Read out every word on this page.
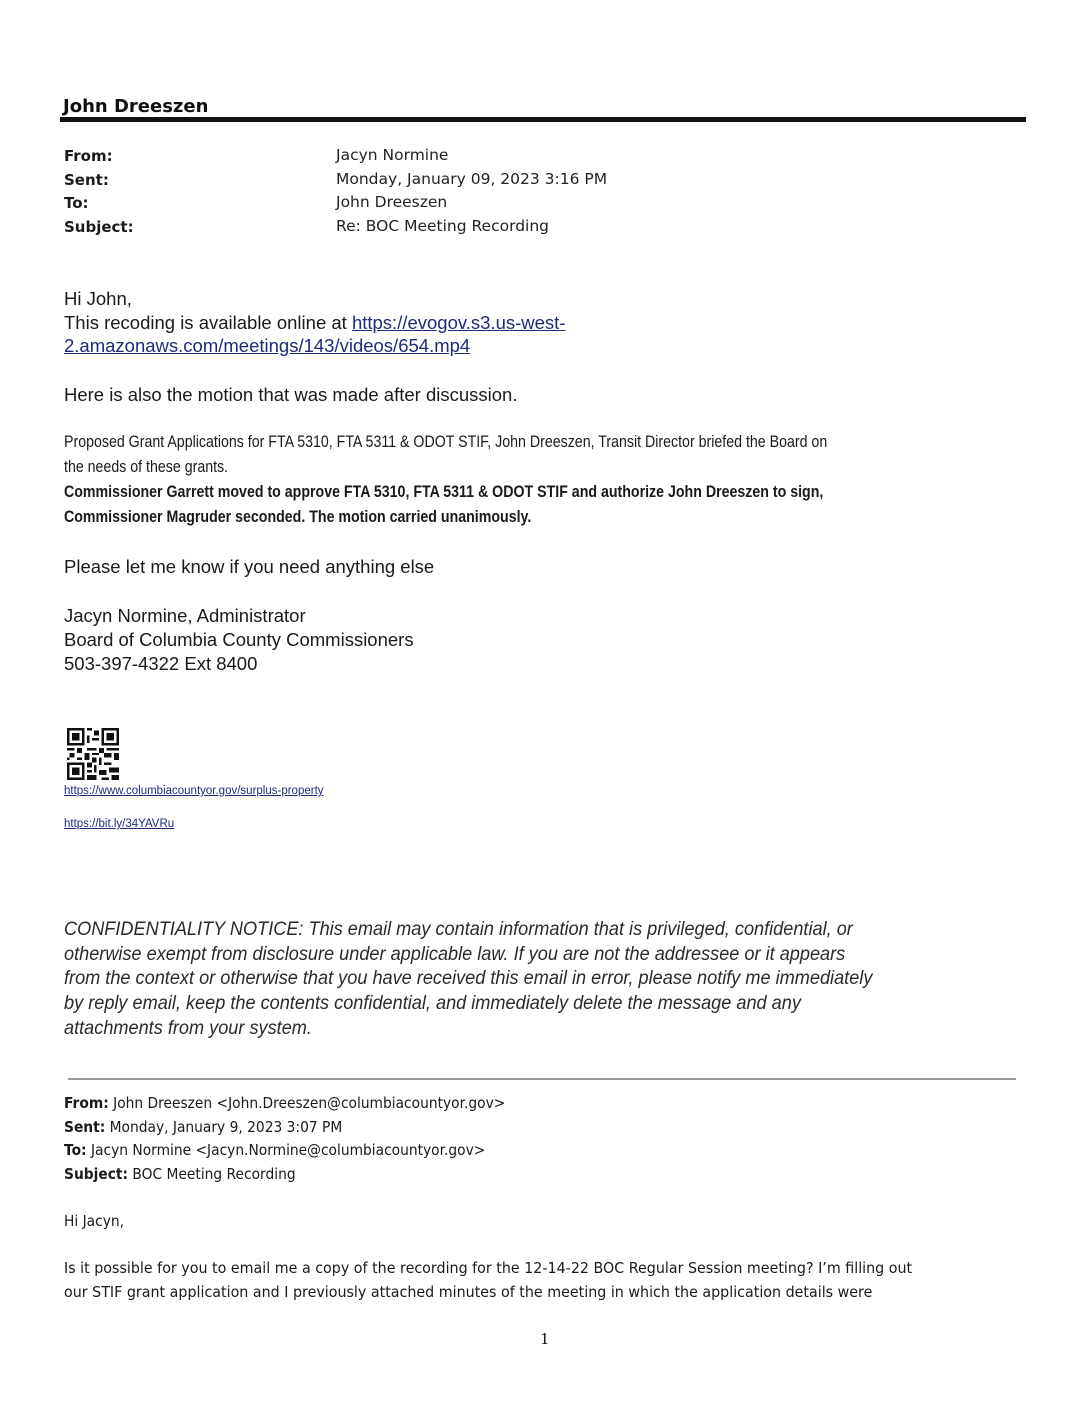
John Dreeszen
From:	Jacyn Normine
Sent:	Monday, January 09, 2023 3:16 PM
To:	John Dreeszen
Subject:	Re: BOC Meeting Recording
Hi John,
This recoding is available online at https://evogov.s3.us-west-
2.amazonaws.com/meetings/143/videos/654.mp4
Here is also the motion that was made after discussion.
Proposed Grant Applications for FTA 5310, FTA 5311 & ODOT STIF, John Dreeszen, Transit Director briefed the Board on
the needs of these grants.
Commissioner Garrett moved to approve FTA 5310, FTA 5311 & ODOT STIF and authorize John Dreeszen to sign,
Commissioner Magruder seconded. The motion carried unanimously.
Please let me know if you need anything else
Jacyn Normine, Administrator
Board of Columbia County Commissioners
503-397-4322 Ext 8400
https://www.columbiacountyor.gov/surplus-property
https://bit.ly/34YAVRu
CONFIDENTIALITY NOTICE: This email may contain information that is privileged, confidential, or
otherwise exempt from disclosure under applicable law. If you are not the addressee or it appears
from the context or otherwise that you have received this email in error, please notify me immediately
by reply email, keep the contents confidential, and immediately delete the message and any
attachments from your system.
From: John Dreeszen <John.Dreeszen@columbiacountyor.gov>
Sent: Monday, January 9, 2023 3:07 PM
To: Jacyn Normine <Jacyn.Normine@columbiacountyor.gov>
Subject: BOC Meeting Recording
Hi Jacyn,
Is it possible for you to email me a copy of the recording for the 12-14-22 BOC Regular Session meeting? I’m filling out
our STIF grant application and I previously attached minutes of the meeting in which the application details were
1
